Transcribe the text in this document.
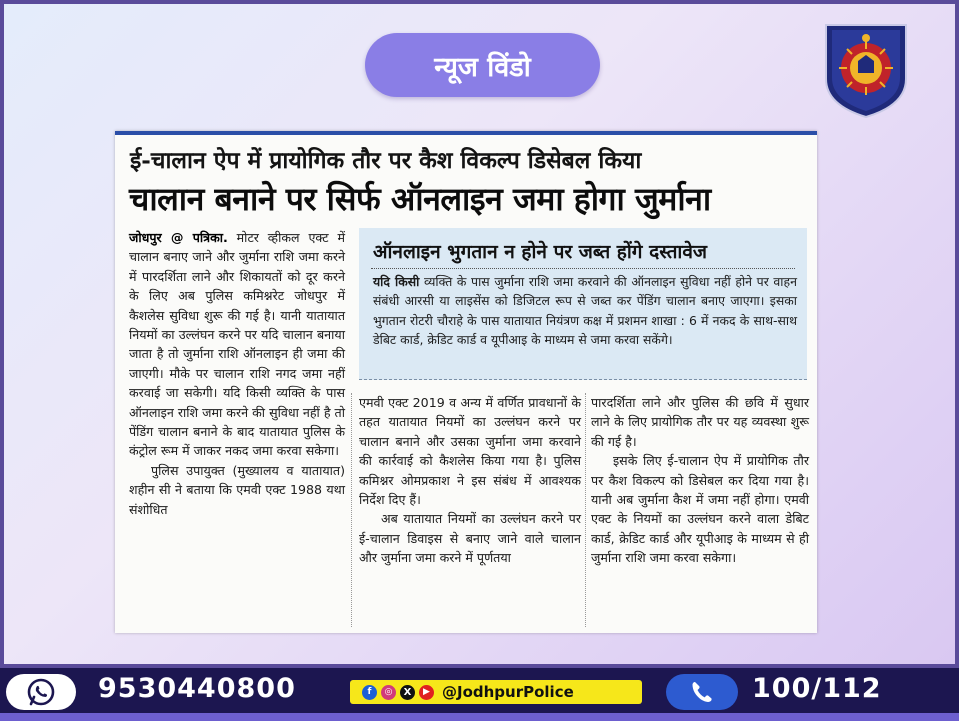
न्यूज विंडो
ई-चालान ऐप में प्रायोगिक तौर पर कैश विकल्प डिसेबल किया
चालान बनाने पर सिर्फ ऑनलाइन जमा होगा जुर्माना

जोधपुर @ पत्रिका. मोटर व्हीकल एक्ट में चालान बनाए जाने और जुर्माना राशि जमा करने में पारदर्शिता लाने और शिकायतों को दूर करने के लिए अब पुलिस कमिश्नरेट जोधपुर में कैशलेस सुविधा शुरू की गई है। यानी यातायात नियमों का उल्लंघन करने पर यदि चालान बनाया जाता है तो जुर्माना राशि ऑनलाइन ही जमा की जाएगी। मौके पर चालान राशि नगद जमा नहीं करवाई जा सकेगी। यदि किसी व्यक्ति के पास ऑनलाइन राशि जमा करने की सुविधा नहीं है तो पेंडिंग चालान बनाने के बाद यातायात पुलिस के कंट्रोल रूम में जाकर नकद जमा करवा सकेगा।

पुलिस उपायुक्त (मुख्यालय व यातायात) शहीन सी ने बताया कि एमवी एक्ट 1988 यथा संशोधित

ऑनलाइन भुगतान न होने पर जब्त होंगे दस्तावेज
यदि किसी व्यक्ति के पास जुर्माना राशि जमा करवाने की ऑनलाइन सुविधा नहीं होने पर वाहन संबंधी आरसी या लाइसेंस को डिजिटल रूप से जब्त कर पेंडिंग चालान बनाए जाएगा। इसका भुगतान रोटरी चौराहे के पास यातायात नियंत्रण कक्ष में प्रशमन शाखा : 6 में नकद के साथ-साथ डेबिट कार्ड, क्रेडिट कार्ड व यूपीआइ के माध्यम से जमा करवा सकेंगे।

एमवी एक्ट 2019 व अन्य में वर्णित प्रावधानों के तहत यातायात नियमों का उल्लंघन करने पर चालान बनाने और उसका जुर्माना जमा करवाने की कार्रवाई को कैशलेस किया गया है। पुलिस कमिश्नर ओमप्रकाश ने इस संबंध में आवश्यक निर्देश दिए हैं।

अब यातायात नियमों का उल्लंघन करने पर ई-चालान डिवाइस से बनाए जाने वाले चालान और जुर्माना जमा करने में पूर्णतया

पारदर्शिता लाने और पुलिस की छवि में सुधार लाने के लिए प्रायोगिक तौर पर यह व्यवस्था शुरू की गई है।

इसके लिए ई-चालान ऐप में प्रायोगिक तौर पर कैश विकल्प को डिसेबल कर दिया गया है। यानी अब जुर्माना कैश में जमा नहीं होगा। एमवी एक्ट के नियमों का उल्लंघन करने वाला डेबिट कार्ड, क्रेडिट कार्ड और यूपीआइ के माध्यम से ही जुर्माना राशि जमा करवा सकेगा।

9530440800	f	◎	X	▶ @JodhpurPolice	100/112
